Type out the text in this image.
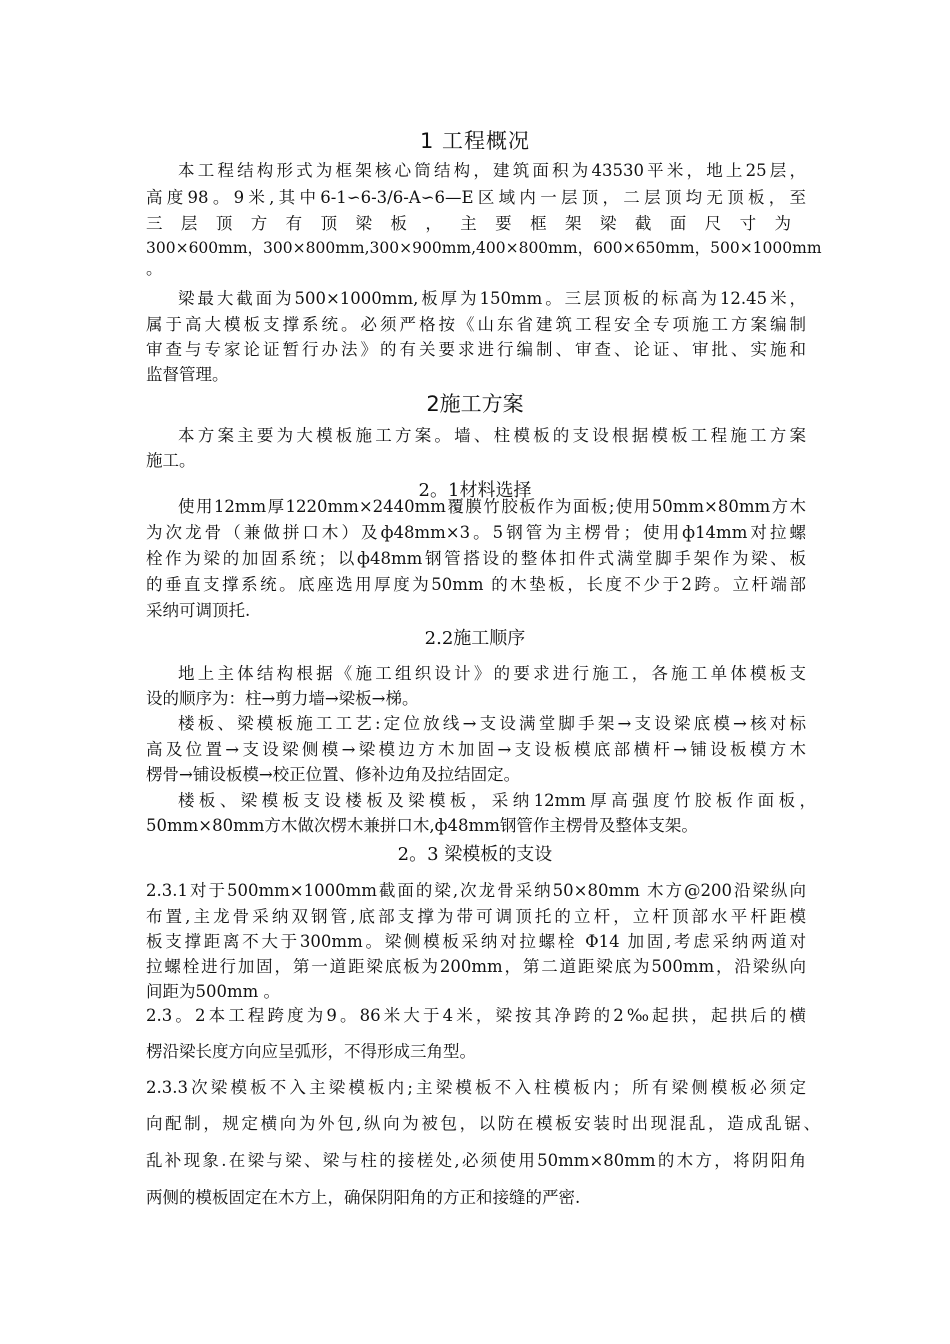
1 工程概况
本工程结构形式为框架核心筒结构，建筑面积为43530平米，地上25层，
高度98。9米,其中6-1∽6-3/6-A∽6—E区域内一层顶，二层顶均无顶板，至
三层顶方有顶梁板，主要框架梁截面尺寸为
300×600mm，300×800mm,300×900mm,400×800mm，600×650mm，500×1000mm
。
梁最大截面为500×1000mm,板厚为150mm。三层顶板的标高为12.45米，
属于高大模板支撑系统。必须严格按《山东省建筑工程安全专项施工方案编制
审查与专家论证暂行办法》的有关要求进行编制、审查、论证、审批、实施和
监督管理。
2施工方案
本方案主要为大模板施工方案。墙、柱模板的支设根据模板工程施工方案
施工。
2。1材料选择
使用12mm厚1220mm×2440mm覆膜竹胶板作为面板;使用50mm×80mm方木
为次龙骨（兼做拼口木）及ф48mm×3。5钢管为主楞骨；使用ф14mm对拉螺
栓作为梁的加固系统；以ф48mm钢管搭设的整体扣件式满堂脚手架作为梁、板
的垂直支撑系统。底座选用厚度为50mm 的木垫板，长度不少于2跨。立杆端部
采纳可调顶托.
2.2施工顺序
地上主体结构根据《施工组织设计》的要求进行施工，各施工单体模板支
设的顺序为：柱→剪力墙→梁板→梯。
楼板、梁模板施工工艺:定位放线→支设满堂脚手架→支设梁底模→核对标
高及位置→支设梁侧模→梁模边方木加固→支设板模底部横杆→铺设板模方木
楞骨→铺设板模→校正位置、修补边角及拉结固定。
楼板、梁模板支设楼板及梁模板，采纳12mm厚高强度竹胶板作面板，
50mm×80mm方木做次楞木兼拼口木,ф48mm钢管作主楞骨及整体支架。
2。3 梁模板的支设
2.3.1对于500mm×1000mm截面的梁,次龙骨采纳50×80mm 木方@200沿梁纵向
布置,主龙骨采纳双钢管,底部支撑为带可调顶托的立杆，立杆顶部水平杆距模
板支撑距离不大于300mm。梁侧模板采纳对拉螺栓 Φ14 加固,考虑采纳两道对
拉螺栓进行加固，第一道距梁底板为200mm，第二道距梁底为500mm，沿梁纵向
间距为500mm 。
2.3。2本工程跨度为9。86米大于4米，梁按其净跨的2‰起拱，起拱后的横
楞沿梁长度方向应呈弧形，不得形成三角型。
2.3.3次梁模板不入主梁模板内;主梁模板不入柱模板内；所有梁侧模板必须定
向配制，规定横向为外包,纵向为被包，以防在模板安装时出现混乱，造成乱锯、
乱补现象.在梁与梁、梁与柱的接槎处,必须使用50mm×80mm的木方，将阴阳角
两侧的模板固定在木方上，确保阴阳角的方正和接缝的严密.
